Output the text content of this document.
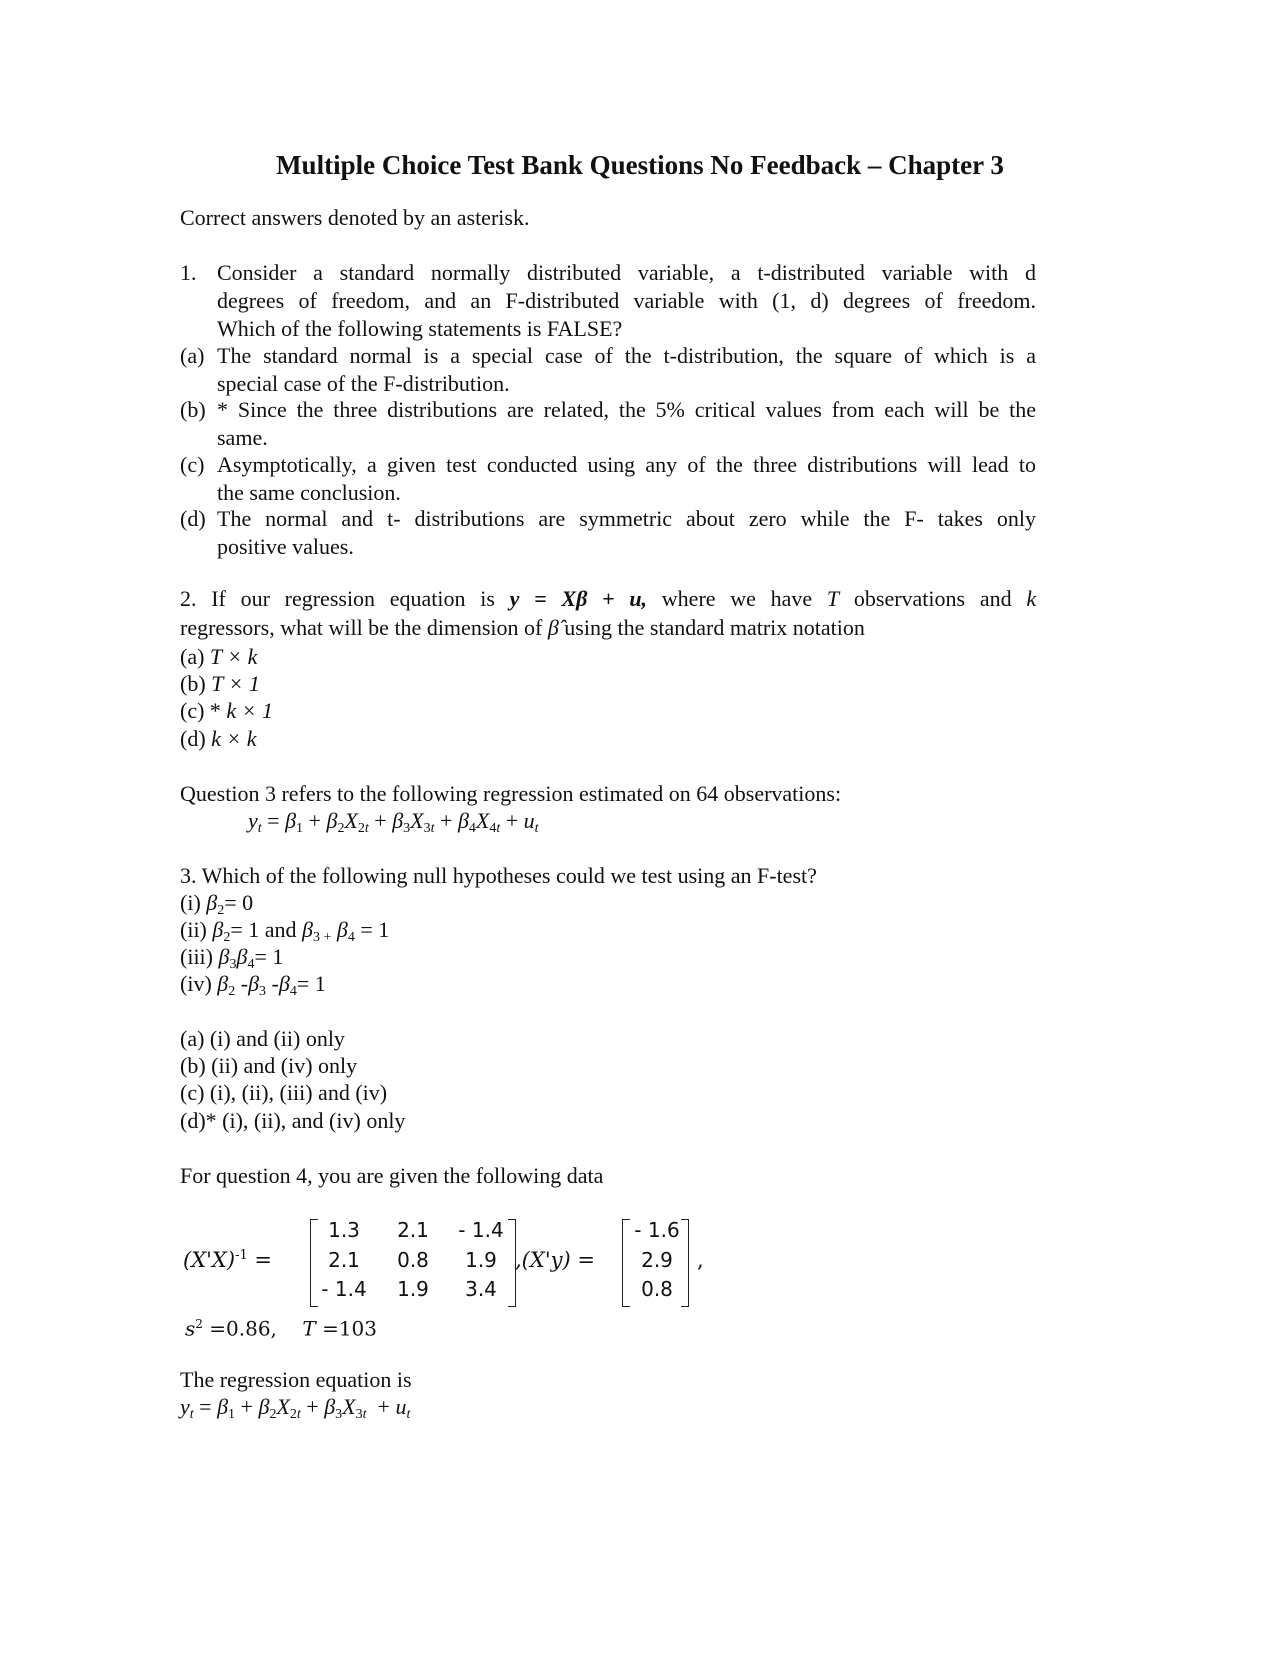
Multiple Choice Test Bank Questions No Feedback – Chapter 3
Correct answers denoted by an asterisk.
1. Consider a standard normally distributed variable, a t-distributed variable with d
degrees of freedom, and an F-distributed variable with (1, d) degrees of freedom.
Which of the following statements is FALSE?
(a) The standard normal is a special case of the t-distribution, the square of which is a
special case of the F-distribution.
(b) * Since the three distributions are related, the 5% critical values from each will be the
same.
(c) Asymptotically, a given test conducted using any of the three distributions will lead to
the same conclusion.
(d) The normal and t- distributions are symmetric about zero while the F- takes only
positive values.
2. If our regression equation is y = Xβ + u, where we have T observations and k
regressors, what will be the dimension of β̂ using the standard matrix notation
(a) T × k
(b) T × 1
(c) * k × 1
(d) k × k
Question 3 refers to the following regression estimated on 64 observations:
$y_t = \beta_1 + \beta_2X_{2t} + \beta_3X_{3t} + \beta_4X_{4t} + u_t$
3. Which of the following null hypotheses could we test using an F-test?
(i) $\beta_2= 0$
(ii) $\beta_2= 1$ and $\beta_{3 +}$ $\beta_4 = 1$
(iii) $\beta_3\beta_4= 1$
(iv) $\beta_2$ $-\beta_3$ $-\beta_4= 1$
(a) (i) and (ii) only
(b) (ii) and (iv) only
(c) (i), (ii), (iii) and (iv)
(d)* (i), (ii), and (iv) only
For question 4, you are given the following data
$(X'X)^{-1}$ =
1.3	2.1	- 1.4
2.1	0.8	1.9
- 1.4	1.9	3.4
,(X'y) =
- 1.6
2.9
0.8
,
$s^2 =0.86$, T =103
The regression equation is
$y_t = \beta_1 + \beta_2X_{2t} + \beta_3X_{3t} + u_t$
